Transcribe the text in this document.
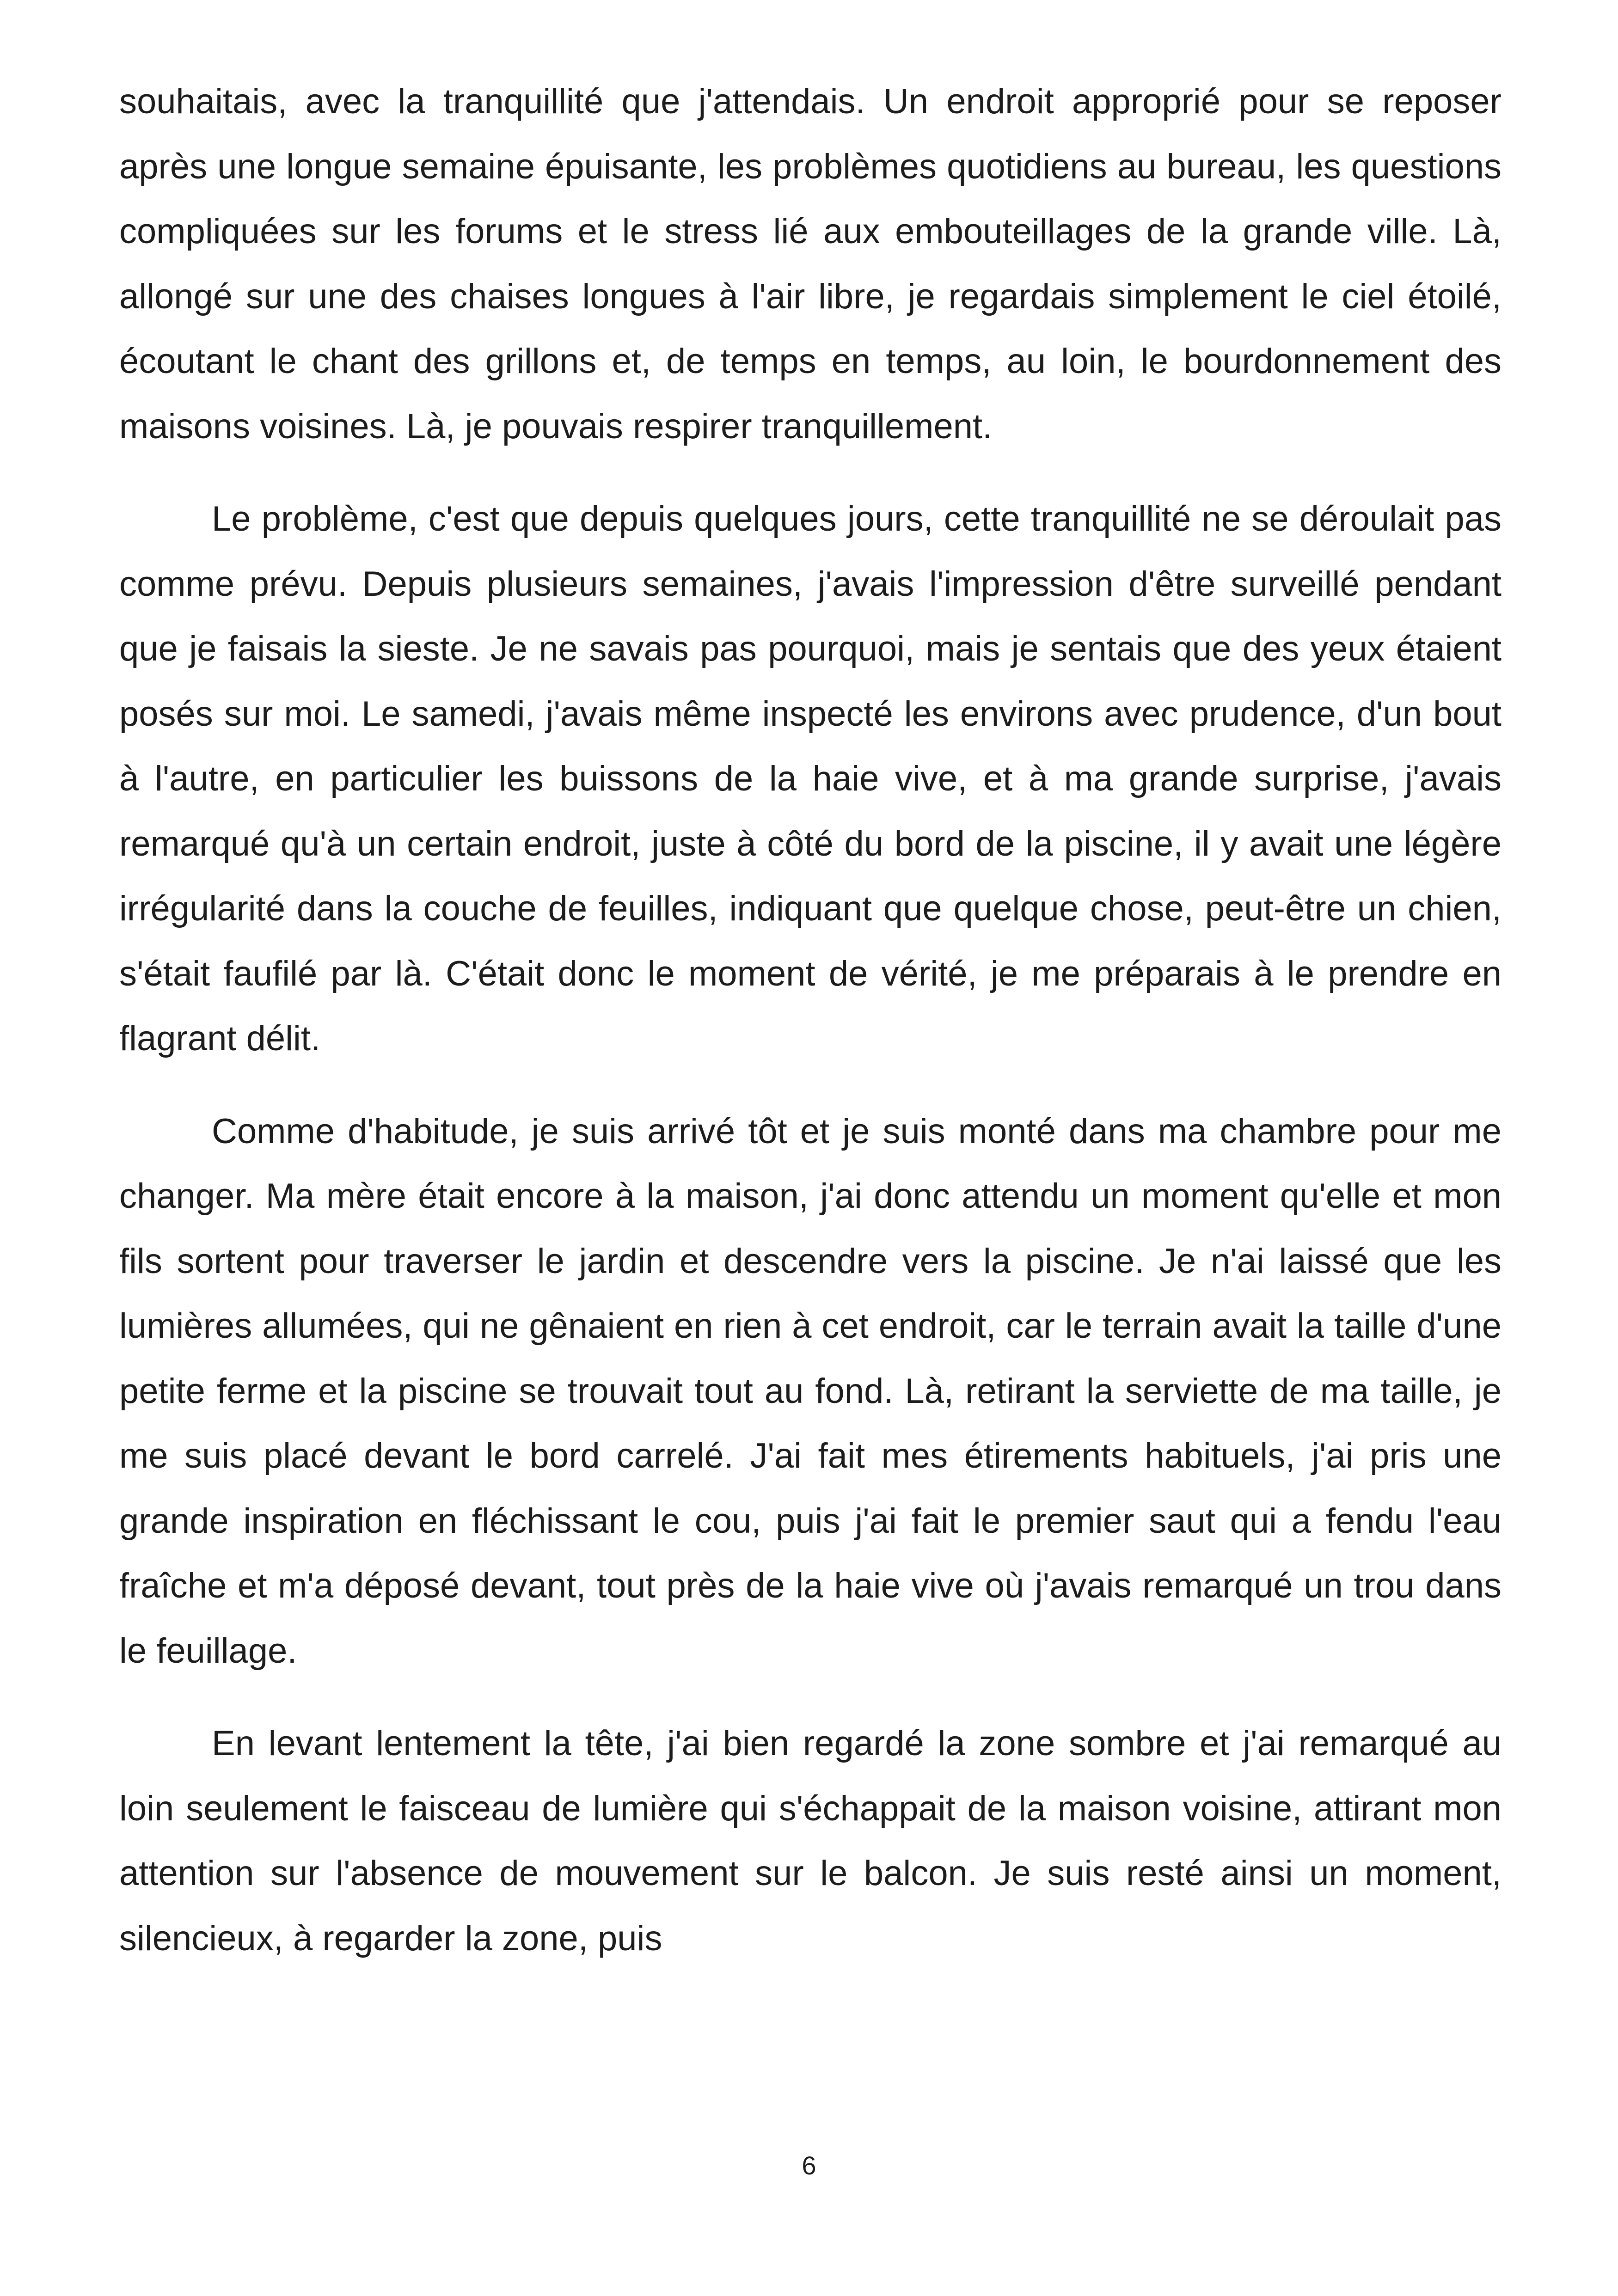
souhaitais, avec la tranquillité que j'attendais. Un endroit approprié pour se reposer après une longue semaine épuisante, les problèmes quotidiens au bureau, les questions compliquées sur les forums et le stress lié aux embouteillages de la grande ville. Là, allongé sur une des chaises longues à l'air libre, je regardais simplement le ciel étoilé, écoutant le chant des grillons et, de temps en temps, au loin, le bourdonnement des maisons voisines. Là, je pouvais respirer tranquillement.

Le problème, c'est que depuis quelques jours, cette tranquillité ne se déroulait pas comme prévu. Depuis plusieurs semaines, j'avais l'impression d'être surveillé pendant que je faisais la sieste. Je ne savais pas pourquoi, mais je sentais que des yeux étaient posés sur moi. Le samedi, j'avais même inspecté les environs avec prudence, d'un bout à l'autre, en particulier les buissons de la haie vive, et à ma grande surprise, j'avais remarqué qu'à un certain endroit, juste à côté du bord de la piscine, il y avait une légère irrégularité dans la couche de feuilles, indiquant que quelque chose, peut-être un chien, s'était faufilé par là. C'était donc le moment de vérité, je me préparais à le prendre en flagrant délit.

Comme d'habitude, je suis arrivé tôt et je suis monté dans ma chambre pour me changer. Ma mère était encore à la maison, j'ai donc attendu un moment qu'elle et mon fils sortent pour traverser le jardin et descendre vers la piscine. Je n'ai laissé que les lumières allumées, qui ne gênaient en rien à cet endroit, car le terrain avait la taille d'une petite ferme et la piscine se trouvait tout au fond. Là, retirant la serviette de ma taille, je me suis placé devant le bord carrelé. J'ai fait mes étirements habituels, j'ai pris une grande inspiration en fléchissant le cou, puis j'ai fait le premier saut qui a fendu l'eau fraîche et m'a déposé devant, tout près de la haie vive où j'avais remarqué un trou dans le feuillage.

En levant lentement la tête, j'ai bien regardé la zone sombre et j'ai remarqué au loin seulement le faisceau de lumière qui s'échappait de la maison voisine, attirant mon attention sur l'absence de mouvement sur le balcon. Je suis resté ainsi un moment, silencieux, à regarder la zone, puis

6
